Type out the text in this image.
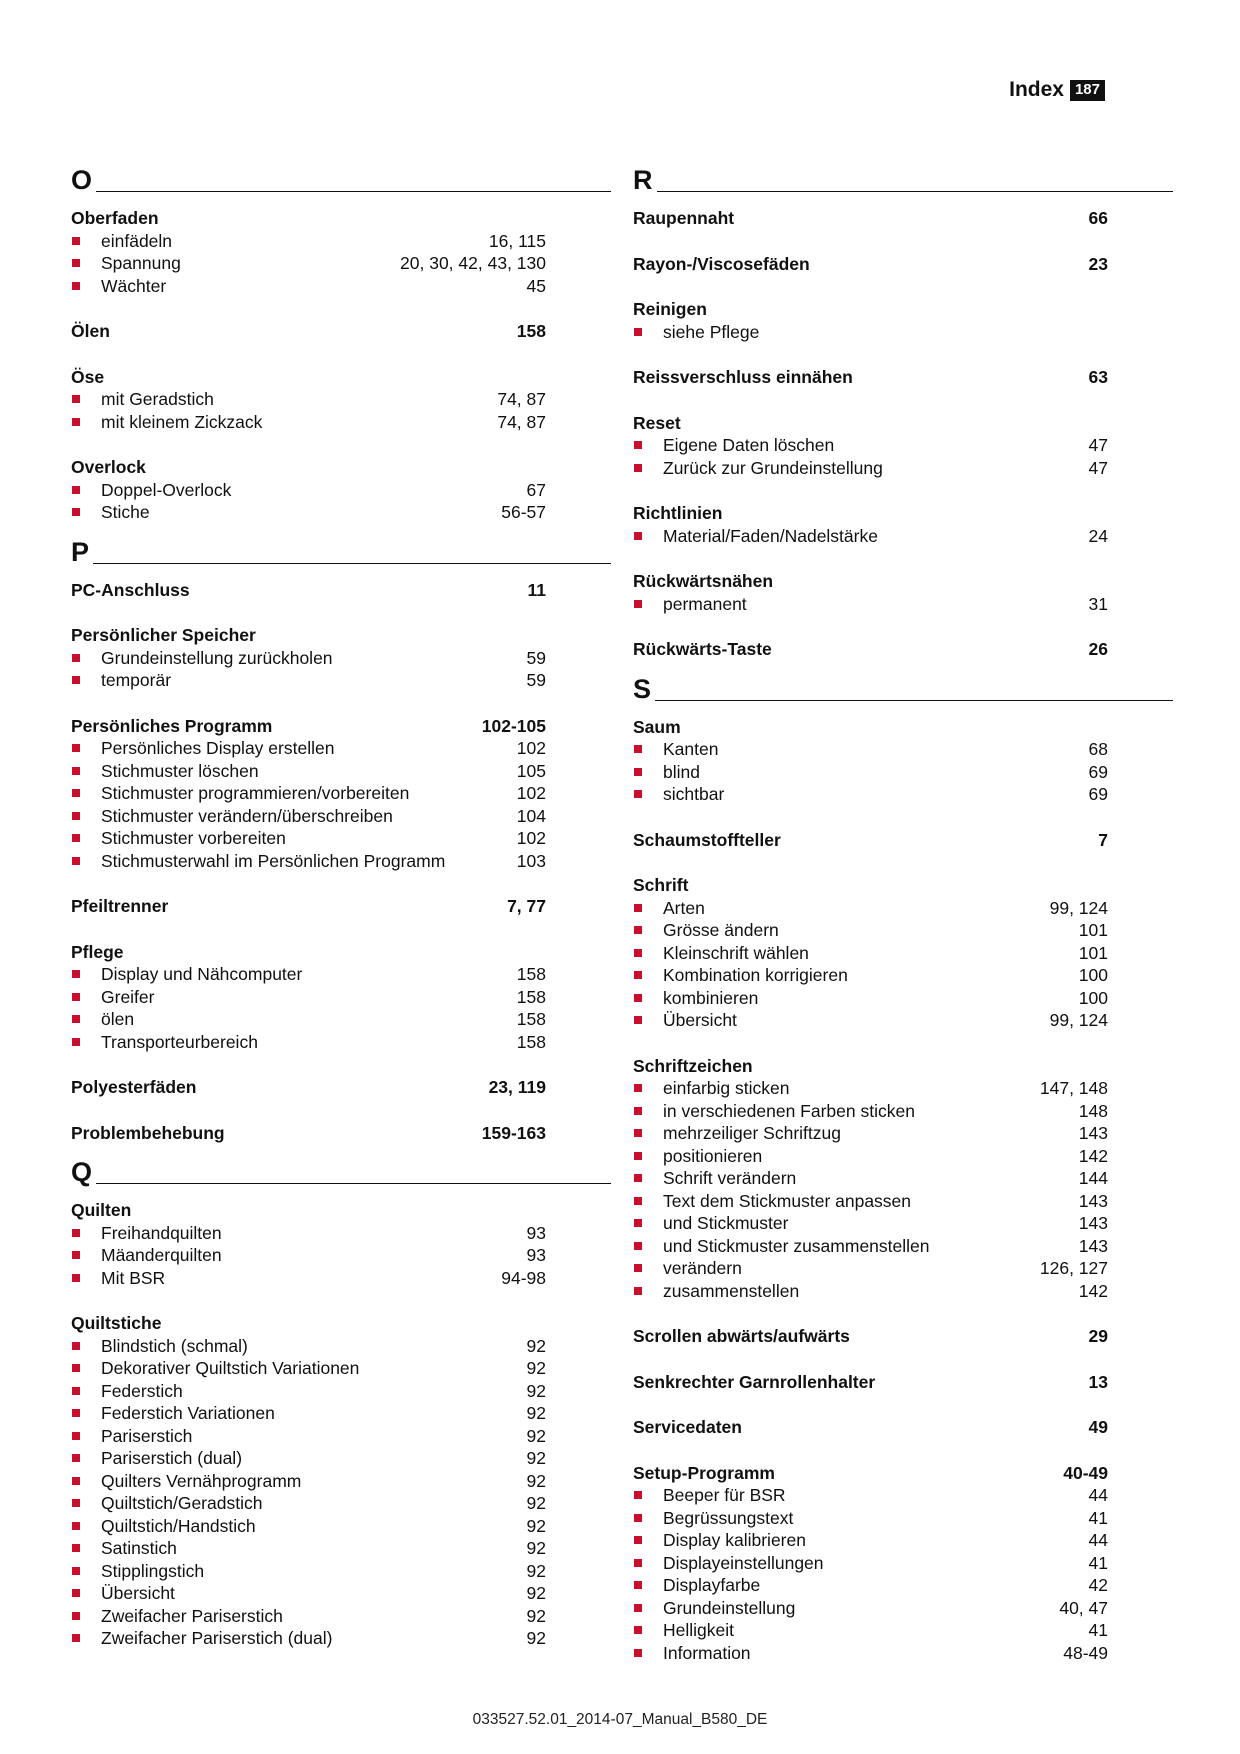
Index 187
O
Oberfaden
einfädeln	16, 115
Spannung	20, 30, 42, 43, 130
Wächter	45
Ölen	158
Öse
mit Geradstich	74, 87
mit kleinem Zickzack	74, 87
Overlock
Doppel-Overlock	67
Stiche	56-57
P
PC-Anschluss	11
Persönlicher Speicher
Grundeinstellung zurückholen	59
temporär	59
Persönliches Programm	102-105
Persönliches Display erstellen	102
Stichmuster löschen	105
Stichmuster programmieren/vorbereiten	102
Stichmuster verändern/überschreiben	104
Stichmuster vorbereiten	102
Stichmusterwahl im Persönlichen Programm	103
Pfeiltrenner	7, 77
Pflege
Display und Nähcomputer	158
Greifer	158
ölen	158
Transporteurbereich	158
Polyesterfäden	23, 119
Problembehebung	159-163
Q
Quilten
Freihandquilten	93
Mäanderquilten	93
Mit BSR	94-98
Quiltstiche
Blindstich (schmal)	92
Dekorativer Quiltstich Variationen	92
Federstich	92
Federstich Variationen	92
Pariserstich	92
Pariserstich (dual)	92
Quilters Vernähprogramm	92
Quiltstich/Geradstich	92
Quiltstich/Handstich	92
Satinstich	92
Stipplingstich	92
Übersicht	92
Zweifacher Pariserstich	92
Zweifacher Pariserstich (dual)	92
R
Raupennaht	66
Rayon-/Viscosefäden	23
Reinigen
siehe Pflege
Reissverschluss einnähen	63
Reset
Eigene Daten löschen	47
Zurück zur Grundeinstellung	47
Richtlinien
Material/Faden/Nadelstärke	24
Rückwärtsnähen
permanent	31
Rückwärts-Taste	26
S
Saum
Kanten	68
blind	69
sichtbar	69
Schaumstoffteller	7
Schrift
Arten	99, 124
Grösse ändern	101
Kleinschrift wählen	101
Kombination korrigieren	100
kombinieren	100
Übersicht	99, 124
Schriftzeichen
einfarbig sticken	147, 148
in verschiedenen Farben sticken	148
mehrzeiliger Schriftzug	143
positionieren	142
Schrift verändern	144
Text dem Stickmuster anpassen	143
und Stickmuster	143
und Stickmuster zusammenstellen	143
verändern	126, 127
zusammenstellen	142
Scrollen abwärts/aufwärts	29
Senkrechter Garnrollenhalter	13
Servicedaten	49
Setup-Programm	40-49
Beeper für BSR	44
Begrüssungstext	41
Display kalibrieren	44
Displayeinstellungen	41
Displayfarbe	42
Grundeinstellung	40, 47
Helligkeit	41
Information	48-49
033527.52.01_2014-07_Manual_B580_DE
